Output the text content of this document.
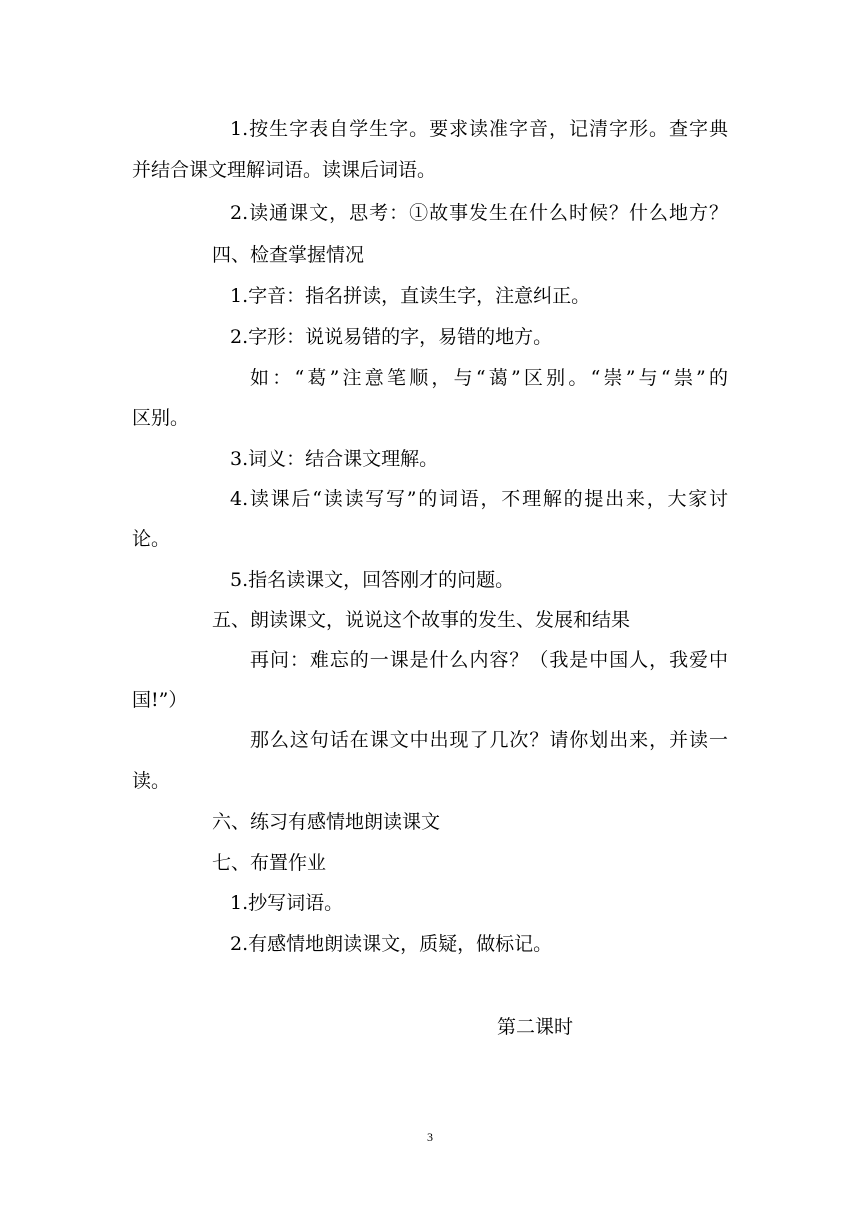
1.按生字表自学生字。要求读准字音，记清字形。查字典
并结合课文理解词语。读课后词语。
2.读通课文，思考：①故事发生在什么时候？什么地方？
四、检查掌握情况
1.字音：指名拼读，直读生字，注意纠正。
2.字形：说说易错的字，易错的地方。
如：“葛”注意笔顺，与“蔼”区别。“崇”与“祟”的
区别。
3.词义：结合课文理解。
4.读课后“读读写写”的词语，不理解的提出来，大家讨
论。
5.指名读课文，回答刚才的问题。
五、朗读课文，说说这个故事的发生、发展和结果
再问：难忘的一课是什么内容？（我是中国人，我爱中
国!”）
那么这句话在课文中出现了几次？请你划出来，并读一
读。
六、练习有感情地朗读课文
七、布置作业
1.抄写词语。
2.有感情地朗读课文，质疑，做标记。
第二课时
3
